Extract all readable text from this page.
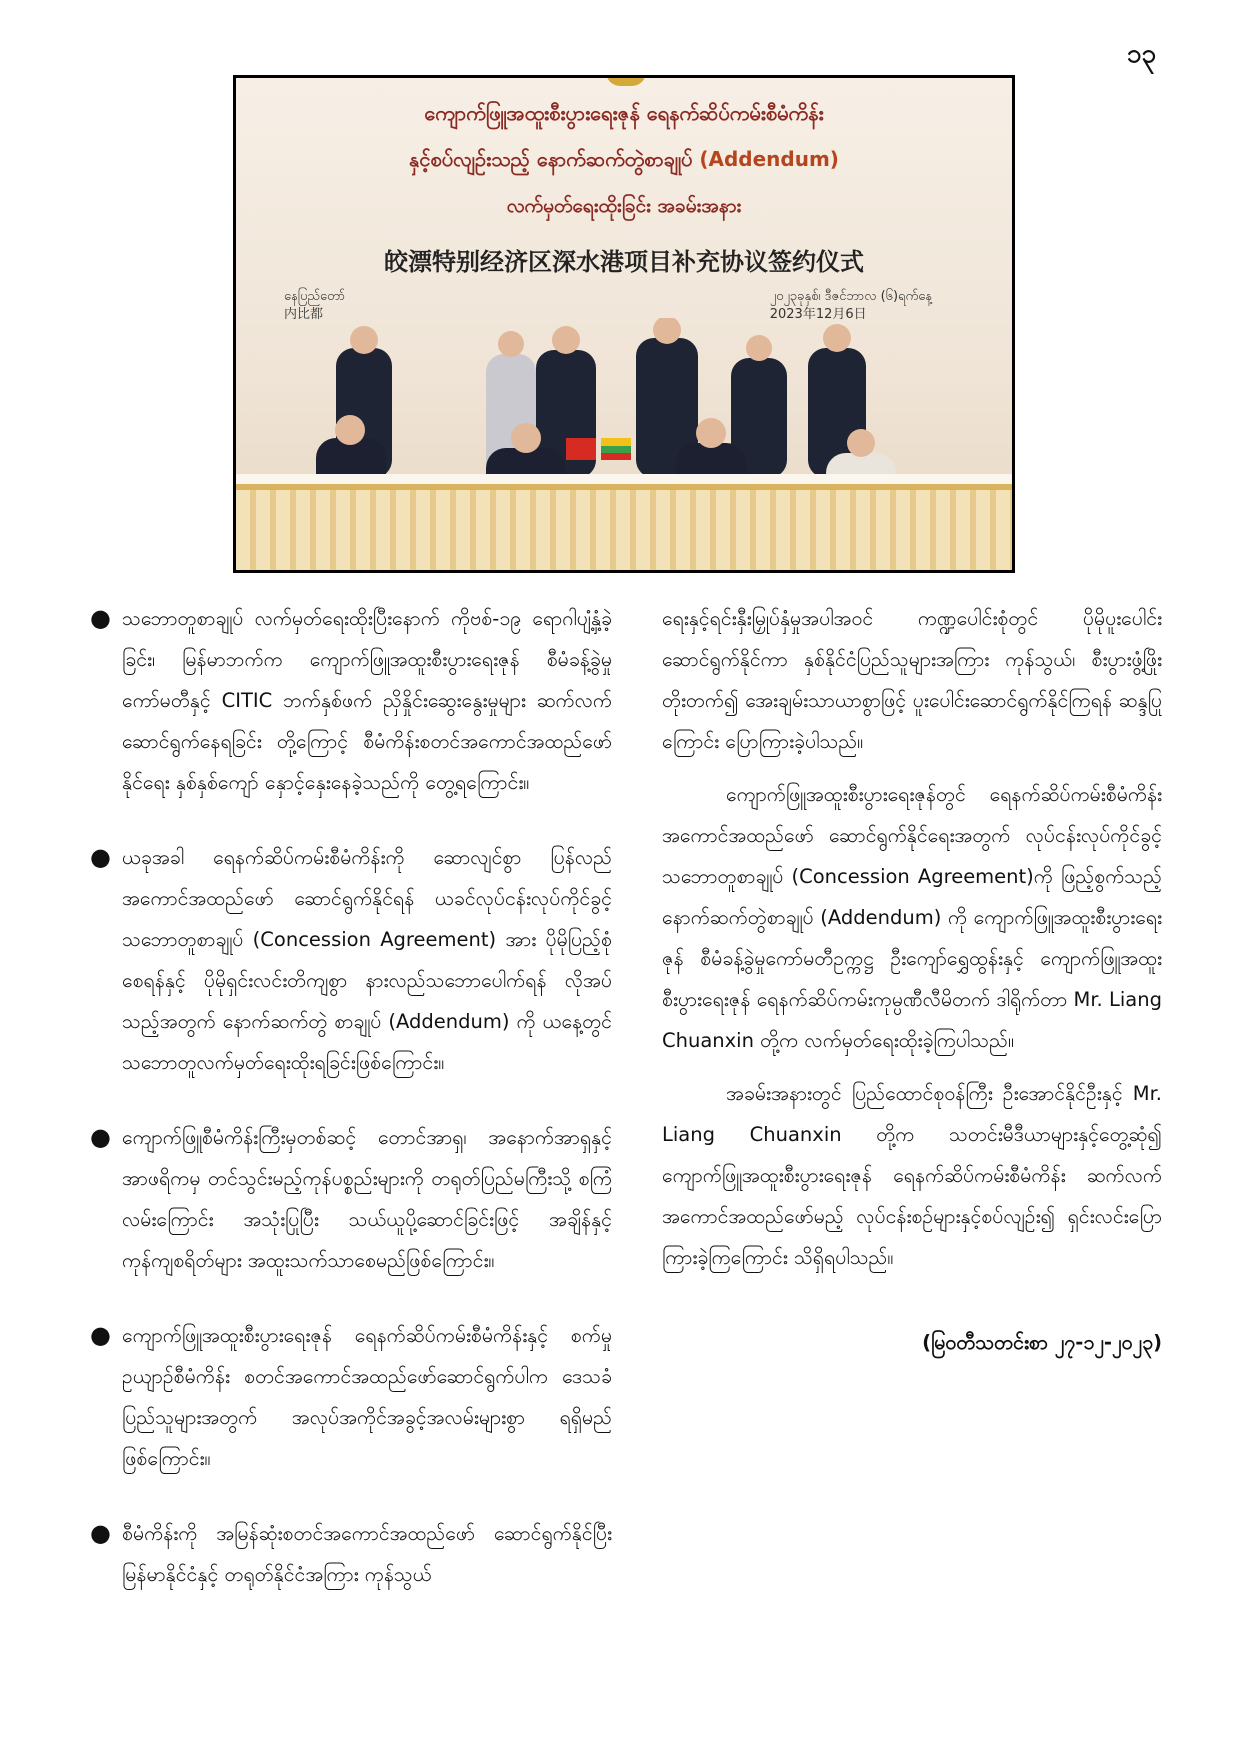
၁၃
ကျောက်ဖြူအထူးစီးပွားရေးဇုန် ရေနက်ဆိပ်ကမ်းစီမံကိန်း
နှင့်စပ်လျဉ်းသည့် နောက်ဆက်တွဲစာချုပ် (Addendum)
လက်မှတ်ရေးထိုးခြင်း အခမ်းအနား
皎漂特别经济区深水港项目补充协议签约仪式
နေပြည်တော်
内比都
၂၀၂၃ခုနှစ်၊ ဒီဇင်ဘာလ (၆)ရက်နေ့
2023年12月6日
● သဘောတူစာချုပ် လက်မှတ်ရေးထိုးပြီးနောက် ကိုဗစ်-၁၉ ရောဂါပျံ့နှံ့ခဲ့ခြင်း၊ မြန်မာဘက်က ကျောက်ဖြူအထူးစီးပွားရေးဇုန် စီမံခန့်ခွဲမှုကော်မတီနှင့် CITIC ဘက်နှစ်ဖက် ညှိနှိုင်းဆွေးနွေးမှုများ ဆက်လက်ဆောင်ရွက်နေရခြင်း တို့ကြောင့် စီမံကိန်းစတင်အကောင်အထည်ဖော်နိုင်ရေး နှစ်နှစ်ကျော် နှောင့်နှေးနေခဲ့သည်ကို တွေ့ရကြောင်း။
● ယခုအခါ ရေနက်ဆိပ်ကမ်းစီမံကိန်းကို ဆောလျင်စွာ ပြန်လည်အကောင်အထည်ဖော် ဆောင်ရွက်နိုင်ရန် ယခင်လုပ်ငန်းလုပ်ကိုင်ခွင့်သဘောတူစာချုပ် (Concession Agreement) အား ပိုမိုပြည့်စုံစေရန်နှင့် ပိုမိုရှင်းလင်းတိကျစွာ နားလည်သဘောပေါက်ရန် လိုအပ်သည့်အတွက် နောက်ဆက်တွဲ စာချုပ် (Addendum) ကို ယနေ့တွင် သဘောတူလက်မှတ်ရေးထိုးရခြင်းဖြစ်ကြောင်း။
● ကျောက်ဖြူစီမံကိန်းကြီးမှတစ်ဆင့် တောင်အာရှ၊ အနောက်အာရှနှင့် အာဖရိကမှ တင်သွင်းမည့်ကုန်ပစ္စည်းများကို တရုတ်ပြည်မကြီးသို့ စကြံလမ်းကြောင်း အသုံးပြုပြီး သယ်ယူပို့ဆောင်ခြင်းဖြင့် အချိန်နှင့်ကုန်ကျစရိတ်များ အထူးသက်သာစေမည်ဖြစ်ကြောင်း။
● ကျောက်ဖြူအထူးစီးပွားရေးဇုန် ရေနက်ဆိပ်ကမ်းစီမံကိန်းနှင့် စက်မှုဥယျာဉ်စီမံကိန်း စတင်အကောင်အထည်ဖော်ဆောင်ရွက်ပါက ဒေသခံပြည်သူများအတွက် အလုပ်အကိုင်အခွင့်အလမ်းများစွာ ရရှိမည်ဖြစ်ကြောင်း။
● စီမံကိန်းကို အမြန်ဆုံးစတင်အကောင်အထည်ဖော် ဆောင်ရွက်နိုင်ပြီး မြန်မာနိုင်ငံနှင့် တရုတ်နိုင်ငံအကြား ကုန်သွယ်

ရေးနှင့်ရင်းနှီးမြှုပ်နှံမှုအပါအဝင် ကဏ္ဍပေါင်းစုံတွင် ပိုမိုပူးပေါင်းဆောင်ရွက်နိုင်ကာ နှစ်နိုင်ငံပြည်သူများအကြား ကုန်သွယ်၊ စီးပွားဖွံ့ဖြိုးတိုးတက်၍ အေးချမ်းသာယာစွာဖြင့် ပူးပေါင်းဆောင်ရွက်နိုင်ကြရန် ဆန္ဒပြုကြောင်း ပြောကြားခဲ့ပါသည်။

ကျောက်ဖြူအထူးစီးပွားရေးဇုန်တွင် ရေနက်ဆိပ်ကမ်းစီမံကိန်း အကောင်အထည်ဖော် ဆောင်ရွက်နိုင်ရေးအတွက် လုပ်ငန်းလုပ်ကိုင်ခွင့်သဘောတူစာချုပ် (Concession Agreement)ကို ဖြည့်စွက်သည့် နောက်ဆက်တွဲစာချုပ် (Addendum) ကို ကျောက်ဖြူအထူးစီးပွားရေးဇုန် စီမံခန့်ခွဲမှုကော်မတီဥက္ကဋ္ဌ ဦးကျော်ရွှေထွန်းနှင့် ကျောက်ဖြူအထူးစီးပွားရေးဇုန် ရေနက်ဆိပ်ကမ်းကုမ္ပဏီလီမိတက် ဒါရိုက်တာ Mr. Liang Chuanxin တို့က လက်မှတ်ရေးထိုးခဲ့ကြပါသည်။

အခမ်းအနားတွင် ပြည်ထောင်စုဝန်ကြီး ဦးအောင်နိုင်ဦးနှင့် Mr. Liang Chuanxin တို့က သတင်းမီဒီယာများနှင့်တွေ့ဆုံ၍ ကျောက်ဖြူအထူးစီးပွားရေးဇုန် ရေနက်ဆိပ်ကမ်းစီမံကိန်း ဆက်လက်အကောင်အထည်ဖော်မည့် လုပ်ငန်းစဉ်များနှင့်စပ်လျဉ်း၍ ရှင်းလင်းပြောကြားခဲ့ကြကြောင်း သိရှိရပါသည်။

(မြဝတီသတင်းစာ ၂၇-၁၂-၂၀၂၃)
